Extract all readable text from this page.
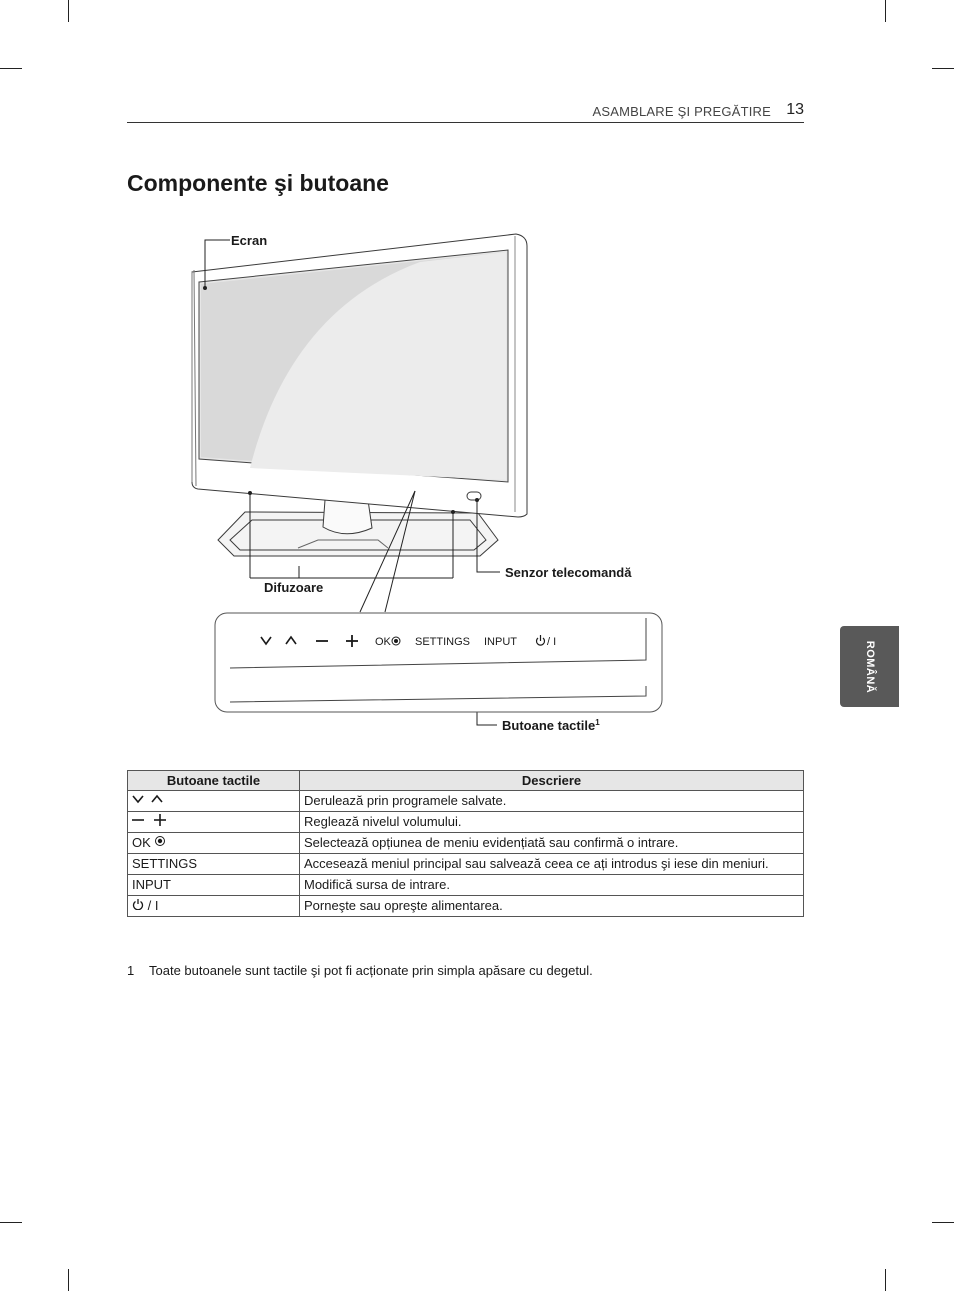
ASAMBLARE ŞI PREGĂTIRE 13
Componente şi butoane
OK SETTINGS INPUT	/ I
Ecran
Difuzoare
Senzor telecomandă
Butoane tactile$^1$
ROMÂNĂ
Butoane tactile	Descriere
	Derulează prin programele salvate.
	Reglează nivelul volumului.
OK	Selectează opțiunea de meniu evidențiată sau confirmă o intrare.
SETTINGS	Accesează meniul principal sau salvează ceea ce ați introdus şi iese din meniuri.
INPUT	Modifică sursa de intrare.
/ I	Porneşte sau opreşte alimentarea.
1 Toate butoanele sunt tactile şi pot fi acționate prin simpla apăsare cu degetul.
